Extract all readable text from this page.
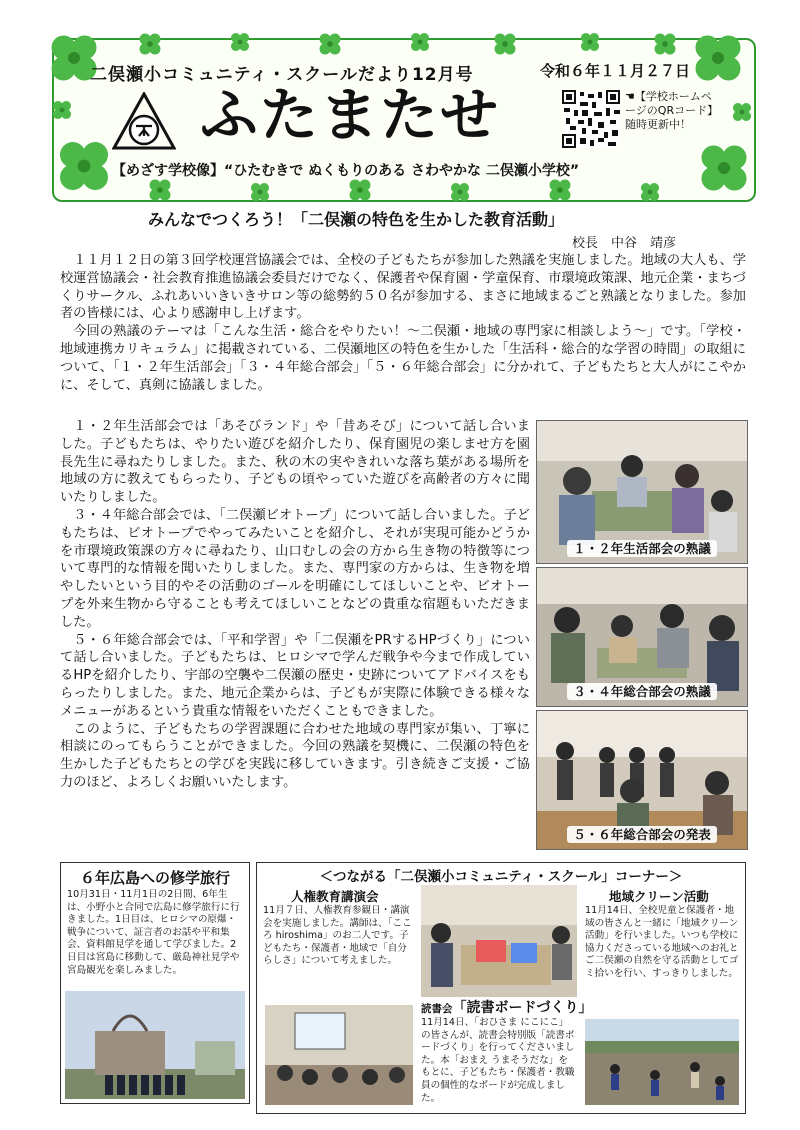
二俣瀬小コミュニティ・スクールだより12月号	令和６年１１月２７日
ふたまたせ	☚【学校ホームページのQRコード】随時更新中！
【めざす学校像】“ひたむきで ぬくもりのある さわやかな 二俣瀬小学校”
みんなでつくろう！「二俣瀬の特色を生かした教育活動」
校長　中谷　靖彦
１１月１２日の第３回学校運営協議会では、全校の子どもたちが参加した熟議を実施しました。地域の大人も、学校運営協議会・社会教育推進協議会委員だけでなく、保護者や保育園・学童保育、市環境政策課、地元企業・まちづくりサークル、ふれあいいきいきサロン等の総勢約５０名が参加する、まさに地域まるごと熟議となりました。参加者の皆様には、心より感謝申し上げます。
今回の熟議のテーマは「こんな生活・総合をやりたい！～二俣瀬・地域の専門家に相談しよう～」です。「学校・地域連携カリキュラム」に掲載されている、二俣瀬地区の特色を生かした「生活科・総合的な学習の時間」の取組について、「１・２年生活部会」「３・４年総合部会」「５・６年総合部会」に分かれて、子どもたちと大人がにこやかに、そして、真剣に協議しました。
１・２年生活部会では「あそびランド」や「昔あそび」について話し合いました。子どもたちは、やりたい遊びを紹介したり、保育園児の楽しませ方を園長先生に尋ねたりしました。また、秋の木の実やきれいな落ち葉がある場所を地域の方に教えてもらったり、子どもの頃やっていた遊びを高齢者の方々に聞いたりしました。
３・４年総合部会では、「二俣瀬ビオトープ」について話し合いました。子どもたちは、ビオトープでやってみたいことを紹介し、それが実現可能かどうかを市環境政策課の方々に尋ねたり、山口むしの会の方から生き物の特徴等について専門的な情報を聞いたりしました。また、専門家の方からは、生き物を増やしたいという目的やその活動のゴールを明確にしてほしいことや、ビオトープを外来生物から守ることも考えてほしいことなどの貴重な宿題もいただきました。
５・６年総合部会では、「平和学習」や「二俣瀬をPRするHPづくり」について話し合いました。子どもたちは、ヒロシマで学んだ戦争や今まで作成しているHPを紹介したり、宇部の空襲や二俣瀬の歴史・史跡についてアドバイスをもらったりしました。また、地元企業からは、子どもが実際に体験できる様々なメニューがあるという貴重な情報をいただくこともできました。
このように、子どもたちの学習課題に合わせた地域の専門家が集い、丁寧に相談にのってもらうことができました。今回の熟議を契機に、二俣瀬の特色を生かした子どもたちとの学びを実践に移していきます。引き続きご支援・ご協力のほど、よろしくお願いいたします。
１・２年生活部会の熟議
３・４年総合部会の熟議
５・６年総合部会の発表
６年広島への修学旅行
10月31日・11月1日の2日間、6年生は、小野小と合同で広島に修学旅行に行きました。1日目は、ヒロシマの原爆・戦争について、証言者のお話や平和集会、資料館見学を通して学びました。2日目は宮島に移動して、厳島神社見学や宮島観光を楽しみました。
＜つながる「二俣瀬小コミュニティ・スクール」コーナー＞
人権教育講演会
11月７日、人権教育参観日・講演会を実施しました。講師は、「こころ hiroshima」のお二人です。子どもたち・保護者・地域で「自分らしさ」について考えました。
読書会「読書ボードづくり」
11月14日、「おひさま にこにこ」の皆さんが、読書会特別版「読書ボードづくり」を行ってくださいました。本「おまえ うまそうだな」をもとに、子どもたち・保護者・教職員の個性的なボードが完成しました。
地域クリーン活動
11月14日、全校児童と保護者・地域の皆さんと一緒に「地域クリーン活動」を行いました。いつも学校に協力くださっている地域へのお礼とご二俣瀬の自然を守る活動としてゴミ拾いを行い、すっきりしました。
